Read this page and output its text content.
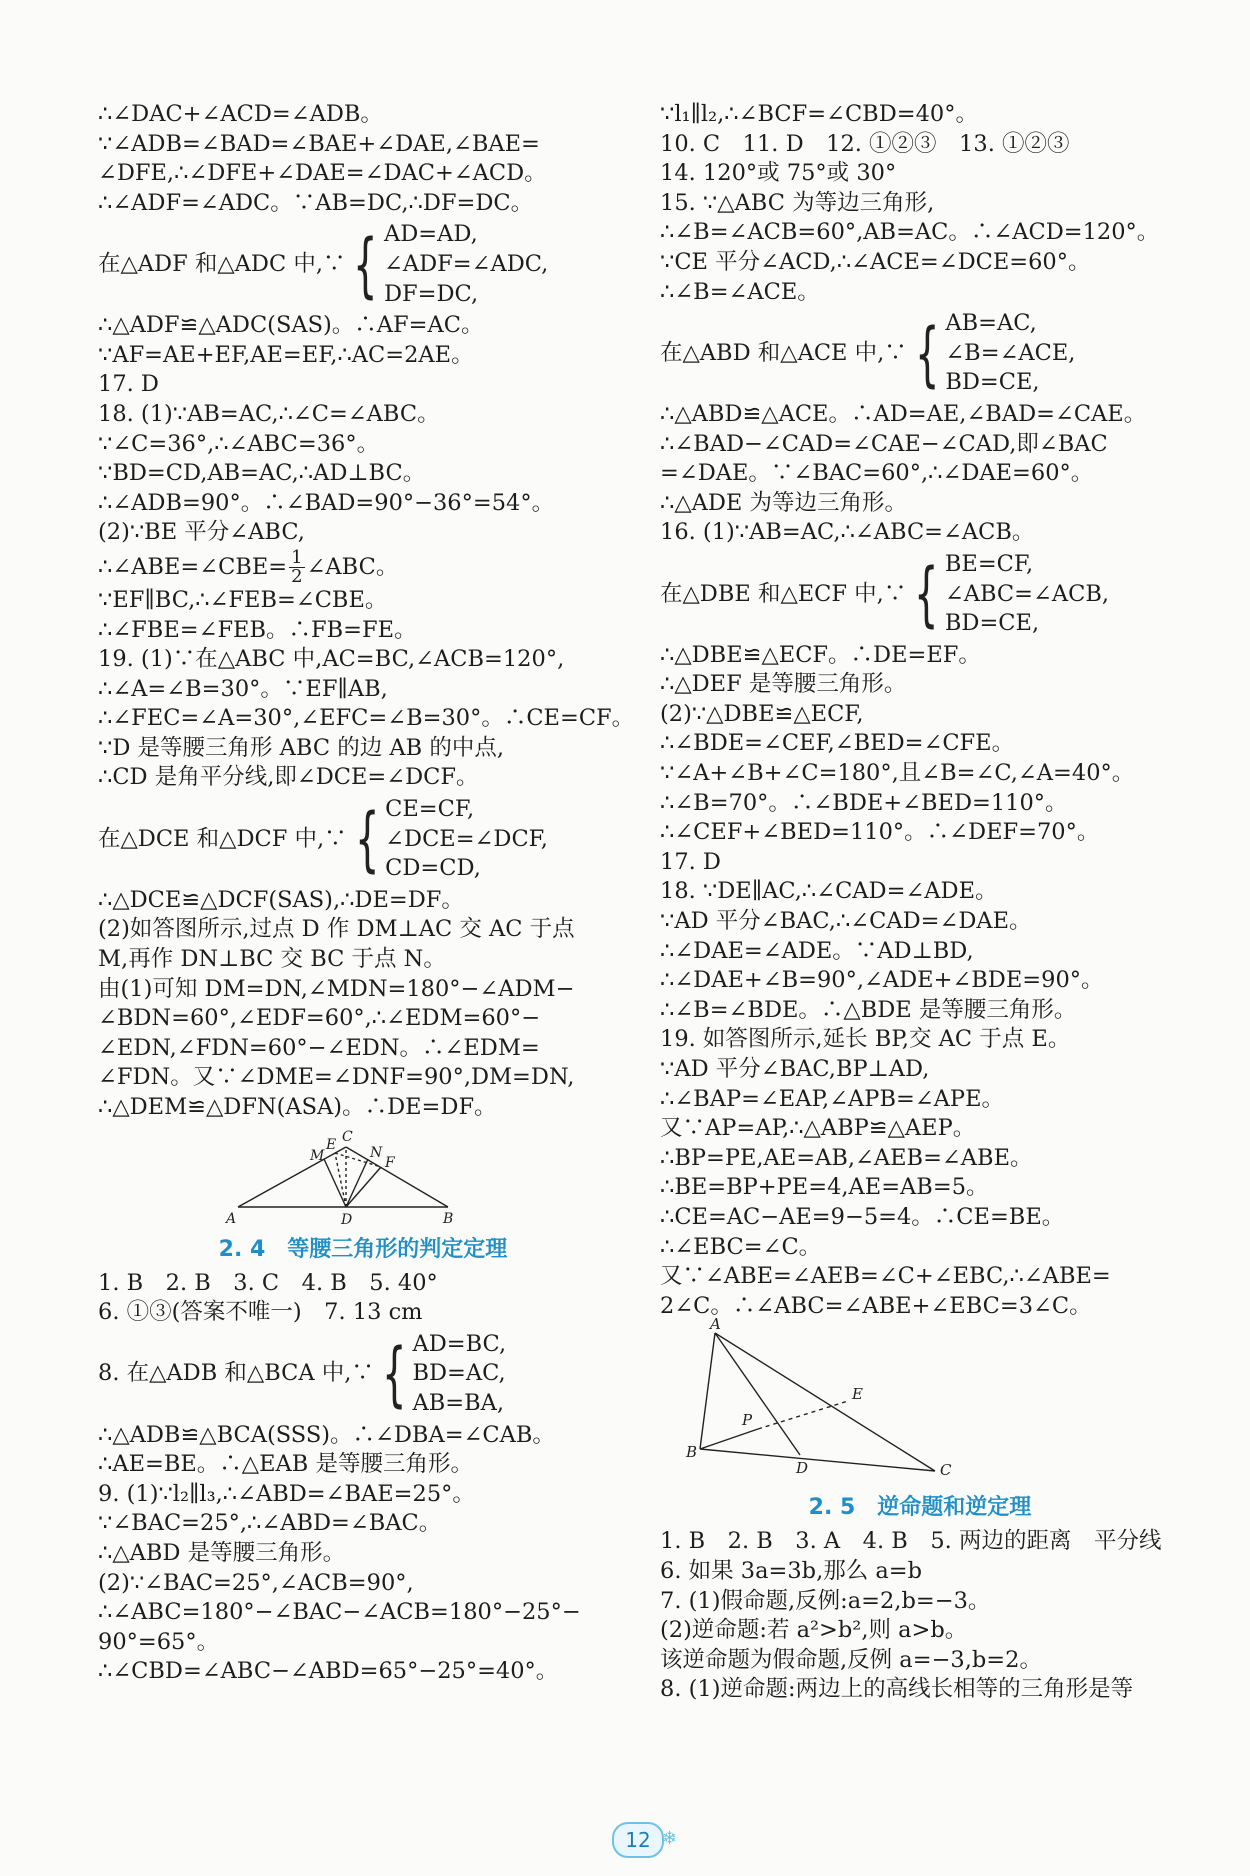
∴∠DAC+∠ACD=∠ADB。
∵∠ADB=∠BAD=∠BAE+∠DAE,∠BAE=
∠DFE,∴∠DFE+∠DAE=∠DAC+∠ACD。
∴∠ADF=∠ADC。∵AB=DC,∴DF=DC。
在△ADF 和△ADC 中,∵ { AD=AD,
∠ADF=∠ADC,
DF=DC,
∴△ADF≌△ADC(SAS)。∴AF=AC。
∵AF=AE+EF,AE=EF,∴AC=2AE。
17. D
18. (1)∵AB=AC,∴∠C=∠ABC。
∵∠C=36°,∴∠ABC=36°。
∵BD=CD,AB=AC,∴AD⊥BC。
∴∠ADB=90°。∴∠BAD=90°−36°=54°。
(2)∵BE 平分∠ABC,
∴∠ABE=∠CBE= $\frac{1}{2}$ ∠ABC。
∵EF∥BC,∴∠FEB=∠CBE。
∴∠FBE=∠FEB。∴FB=FE。
19. (1)∵在△ABC 中,AC=BC,∠ACB=120°,
∴∠A=∠B=30°。∵EF∥AB,
∴∠FEC=∠A=30°,∠EFC=∠B=30°。∴CE=CF。
∵D 是等腰三角形 ABC 的边 AB 的中点,
∴CD 是角平分线,即∠DCE=∠DCF。
在△DCE 和△DCF 中,∵ { CE=CF,
∠DCE=∠DCF,
CD=CD,
∴△DCE≌△DCF(SAS),∴DE=DF。
(2)如答图所示,过点 D 作 DM⊥AC 交 AC 于点
M,再作 DN⊥BC 交 BC 于点 N。
由(1)可知 DM=DN,∠MDN=180°−∠ADM−
∠BDN=60°,∠EDF=60°,∴∠EDM=60°−
∠EDN,∠FDN=60°−∠EDN。∴∠EDM=
∠FDN。又∵∠DME=∠DNF=90°,DM=DN,
∴△DEM≌△DFN(ASA)。∴DE=DF。
A	B
C
D
E
F
M	N
2. 4　等腰三角形的判定定理
1. B　2. B　3. C　4. B　5. 40°
6. ①③(答案不唯一)　7. 13 cm
8. 在△ADB 和△BCA 中,∵ { AD=BC,
BD=AC,
AB=BA,
∴△ADB≌△BCA(SSS)。∴∠DBA=∠CAB。
∴AE=BE。∴△EAB 是等腰三角形。
9. (1)∵l₂∥l₃,∴∠ABD=∠BAE=25°。
∵∠BAC=25°,∴∠ABD=∠BAC。
∴△ABD 是等腰三角形。
(2)∵∠BAC=25°,∠ACB=90°,
∴∠ABC=180°−∠BAC−∠ACB=180°−25°−
90°=65°。
∴∠CBD=∠ABC−∠ABD=65°−25°=40°。
∵l₁∥l₂,∴∠BCF=∠CBD=40°。
10. C　11. D　12. ①②③　13. ①②③
14. 120°或 75°或 30°
15. ∵△ABC 为等边三角形,
∴∠B=∠ACB=60°,AB=AC。∴∠ACD=120°。
∵CE 平分∠ACD,∴∠ACE=∠DCE=60°。
∴∠B=∠ACE。
在△ABD 和△ACE 中,∵ { AB=AC,
∠B=∠ACE,
BD=CE,
∴△ABD≌△ACE。∴AD=AE,∠BAD=∠CAE。
∴∠BAD−∠CAD=∠CAE−∠CAD,即∠BAC
=∠DAE。∵∠BAC=60°,∴∠DAE=60°。
∴△ADE 为等边三角形。
16. (1)∵AB=AC,∴∠ABC=∠ACB。
在△DBE 和△ECF 中,∵ { BE=CF,
∠ABC=∠ACB,
BD=CE,
∴△DBE≌△ECF。∴DE=EF。
∴△DEF 是等腰三角形。
(2)∵△DBE≌△ECF,
∴∠BDE=∠CEF,∠BED=∠CFE。
∵∠A+∠B+∠C=180°,且∠B=∠C,∠A=40°。
∴∠B=70°。∴∠BDE+∠BED=110°。
∴∠CEF+∠BED=110°。∴∠DEF=70°。
17. D
18. ∵DE∥AC,∴∠CAD=∠ADE。
∵AD 平分∠BAC,∴∠CAD=∠DAE。
∴∠DAE=∠ADE。∵AD⊥BD,
∴∠DAE+∠B=90°,∠ADE+∠BDE=90°。
∴∠B=∠BDE。∴△BDE 是等腰三角形。
19. 如答图所示,延长 BP,交 AC 于点 E。
∵AD 平分∠BAC,BP⊥AD,
∴∠BAP=∠EAP,∠APB=∠APE。
又∵AP=AP,∴△ABP≌△AEP。
∴BP=PE,AE=AB,∠AEB=∠ABE。
∴BE=BP+PE=4,AE=AB=5。
∴CE=AC−AE=9−5=4。∴CE=BE。
∴∠EBC=∠C。
又∵∠ABE=∠AEB=∠C+∠EBC,∴∠ABE=
2∠C。∴∠ABC=∠ABE+∠EBC=3∠C。
A
B
C
D
E
P
2. 5　逆命题和逆定理
1. B　2. B　3. A　4. B　5. 两边的距离　平分线
6. 如果 3a=3b,那么 a=b
7. (1)假命题,反例:a=2,b=−3。
(2)逆命题:若 a²>b²,则 a>b。
该逆命题为假命题,反例 a=−3,b=2。
8. (1)逆命题:两边上的高线长相等的三角形是等
12 ❄
